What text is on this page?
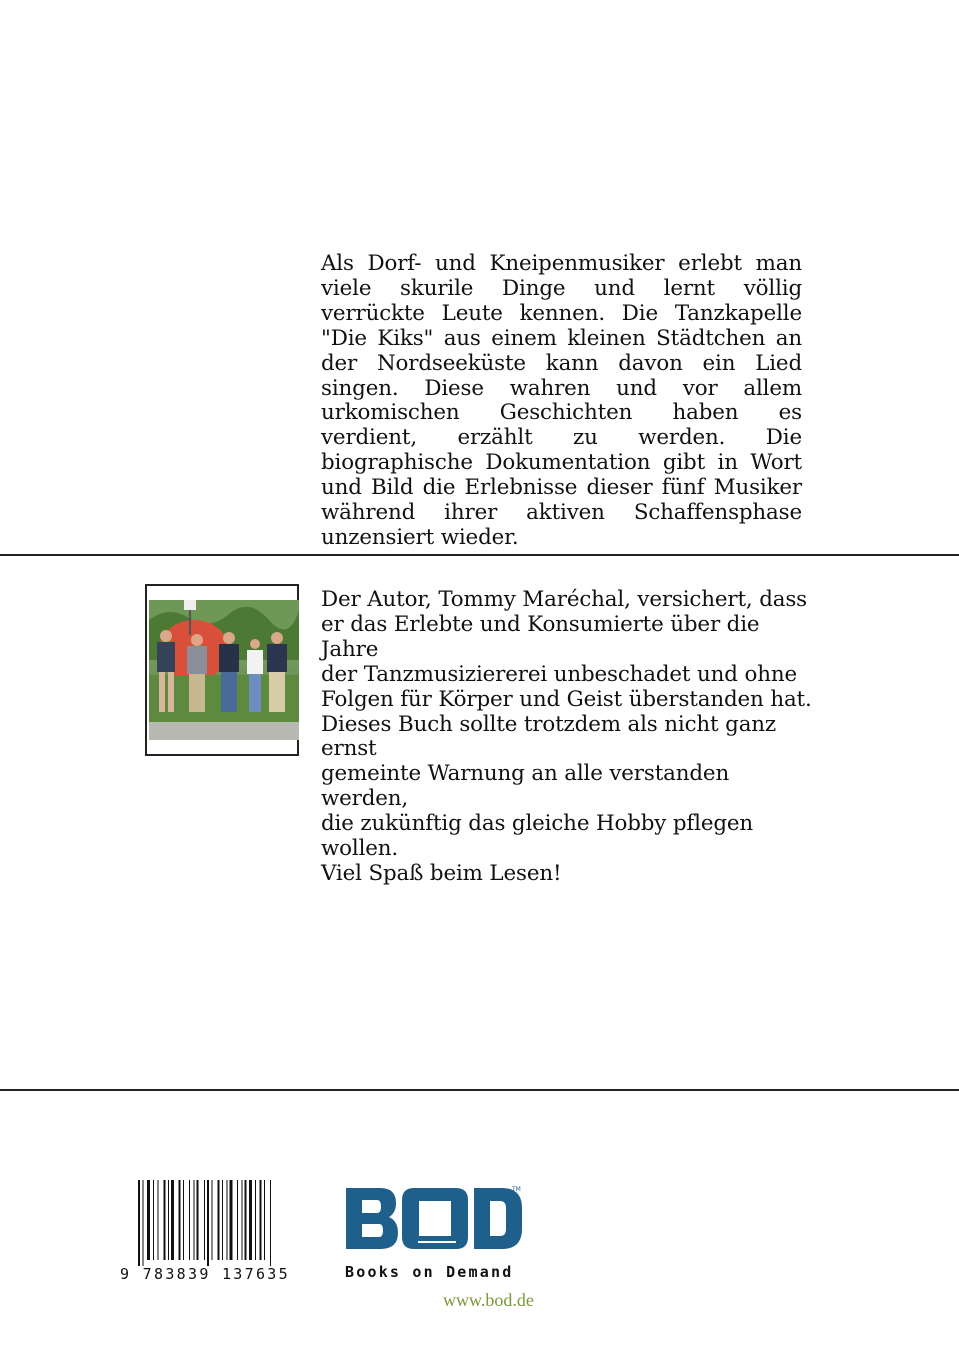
Als Dorf- und Kneipenmusiker erlebt man viele skurile Dinge und lernt völlig verrückte Leute kennen. Die Tanzkapelle "Die Kiks" aus einem kleinen Städtchen an der Nordseeküste kann davon ein Lied singen. Diese wahren und vor allem urkomischen Geschichten haben es verdient, erzählt zu werden. Die biographische Dokumentation gibt in Wort und Bild die Erlebnisse dieser fünf Musiker während ihrer aktiven Schaffensphase unzensiert wieder.
Der Autor, Tommy Maréchal, versichert, dass
er das Erlebte und Konsumierte über die Jahre
der Tanzmusiziererei unbeschadet und ohne
Folgen für Körper und Geist überstanden hat.
Dieses Buch sollte trotzdem als nicht ganz ernst
gemeinte Warnung an alle verstanden werden,
die zukünftig das gleiche Hobby pflegen wollen.
Viel Spaß beim Lesen!
9 783839 137635
TM
Books on Demand
www.bod.de
